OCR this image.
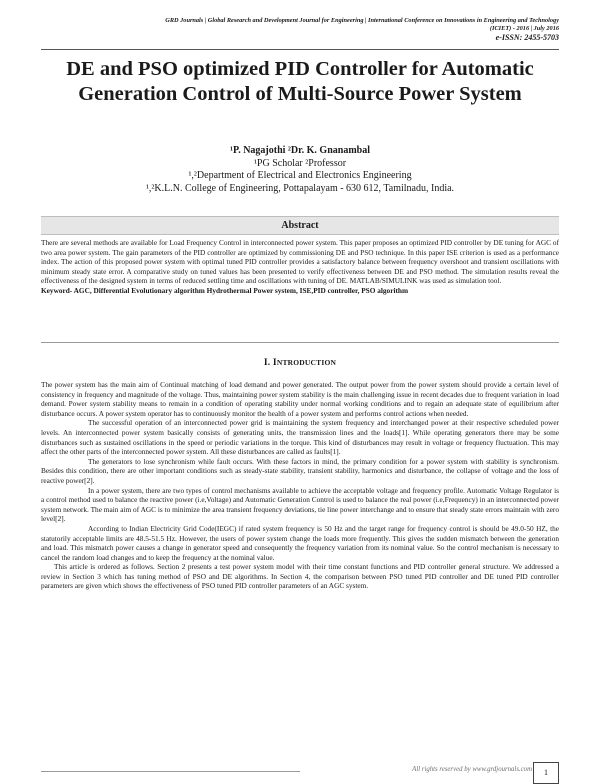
GRD Journals | Global Research and Development Journal for Engineering | International Conference on Innovations in Engineering and Technology
(ICIET) - 2016 | July 2016
e-ISSN: 2455-5703
DE and PSO optimized PID Controller for Automatic Generation Control of Multi-Source Power System
¹P. Nagajothi ²Dr. K. Gnanambal
¹PG Scholar ²Professor
¹,²Department of Electrical and Electronics Engineering
¹,²K.L.N. College of Engineering, Pottapalayam - 630 612, Tamilnadu, India.
Abstract
There are several methods are available for Load Frequency Control in interconnected power system. This paper proposes an optimized PID controller by DE tuning for AGC of two area power system. The gain parameters of the PID controller are optimized by commissioning DE and PSO technique. In this paper ISE criterion is used as a performance index. The action of this proposed power system with optimal tuned PID controller provides a satisfactory balance between frequency overshoot and transient oscillations with minimum steady state error. A comparative study on tuned values has been presented to verify effectiveness between DE and PSO method. The simulation results reveal the effectiveness of the designed system in terms of reduced settling time and oscillations with tuning of DE. MATLAB/SIMULINK was used as simulation tool.
Keyword- AGC, Differential Evolutionary algorithm Hydrothermal Power system, ISE,PID controller, PSO algorithm
I. INTRODUCTION

The power system has the main aim of Continual matching of load demand and power generated. The output power from the power system should provide a certain level of consistency in frequency and magnitude of the voltage. Thus, maintaining power system stability is the main challenging issue in recent decades due to frequent variation in load demand. Power system stability means to remain in a condition of operating stability under normal working conditions and to regain an adequate state of equilibrium after disturbance occurs. A power system operator has to continuously monitor the health of a power system and performs control actions when needed.

The successful operation of an interconnected power grid is maintaining the system frequency and interchanged power at their respective scheduled power levels. An interconnected power system basically consists of generating units, the transmission lines and the loads[1]. While operating generators there may be some disturbances such as sustained oscillations in the speed or periodic variations in the torque. This kind of disturbances may result in voltage or frequency fluctuation. This may affect the other parts of the interconnected power system. All these disturbances are called as faults[1].

The generators to lose synchronism while fault occurs. With these factors in mind, the primary condition for a power system with stability is synchronism. Besides this condition, there are other important conditions such as steady-state stability, transient stability, harmonics and disturbance, the collapse of voltage and the loss of reactive power[2].

In a power system, there are two types of control mechanisms available to achieve the acceptable voltage and frequency profile. Automatic Voltage Regulator is a control method used to balance the reactive power (i.e,Voltage) and Automatic Generation Control is used to balance the real power (i.e,Frequency) in an interconnected power system network. The main aim of AGC is to minimize the area transient frequency deviations, tie line power interchange and to ensure that steady state errors maintain with zero level[2].

According to Indian Electricity Grid Code(IEGC) if rated system frequency is 50 Hz and the target range for frequency control is should be 49.0-50 HZ, the statutorily acceptable limits are 48.5-51.5 Hz. However, the users of power system change the loads more frequently. This gives the sudden mismatch between the generation and load. This mismatch power causes a change in generator speed and consequently the frequency variation from its nominal value. So the control mechanism is necessary to cancel the random load changes and to keep the frequency at the nominal value.

This article is ordered as follows. Section 2 presents a test power system model with their time constant functions and PID controller general structure. We addressed a review in Section 3 which has tuning method of PSO and DE algorithms. In Section 4, the comparison between PSO tuned PID controller and DE tuned PID controller parameters are given which shows the effectiveness of PSO tuned PID controller parameters of an AGC system.

All rights reserved by www.grdjournals.com	1
